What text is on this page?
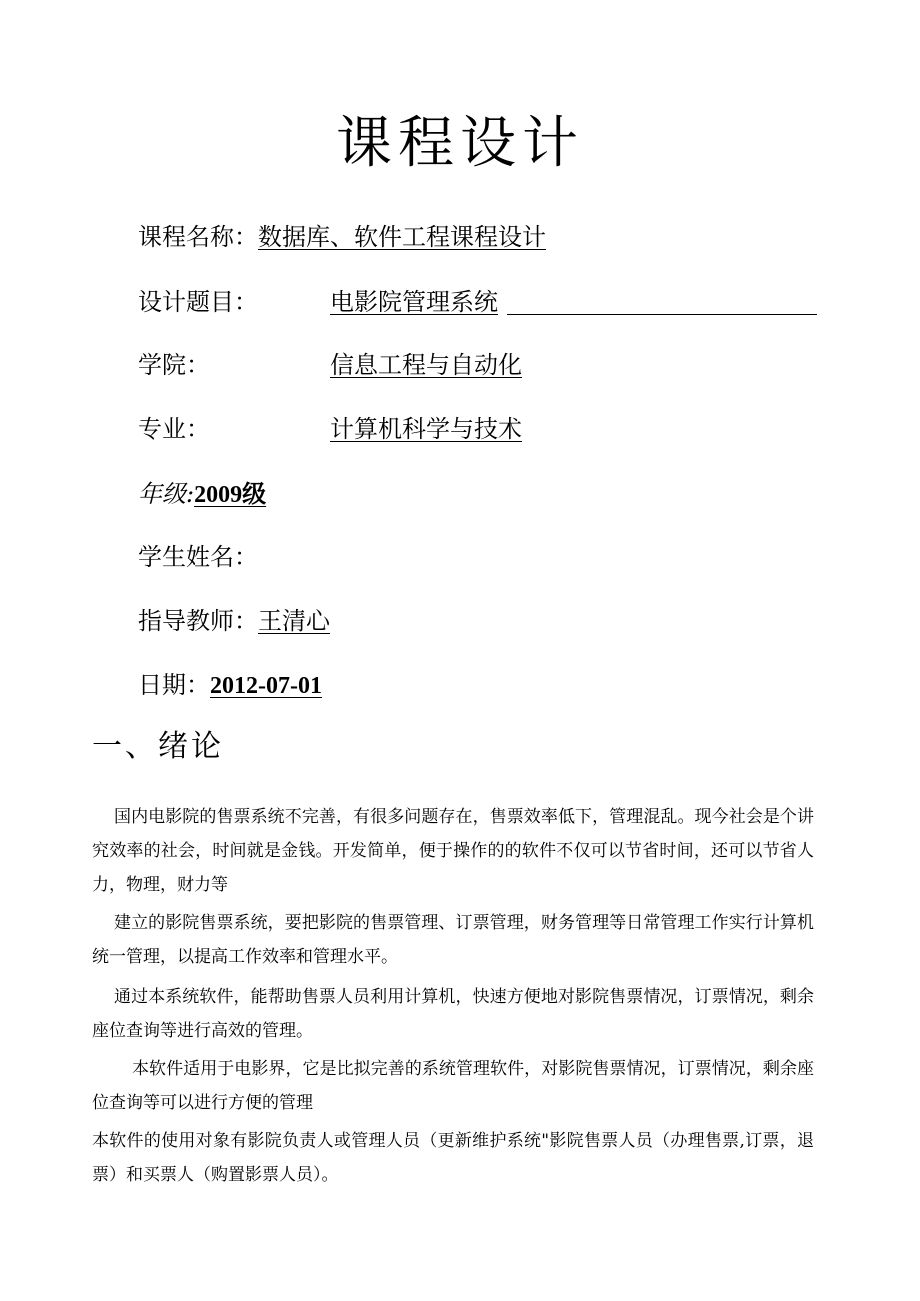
课程设计
课程名称：数据库、软件工程课程设计
设计题目：	电影院管理系统
学院：	信息工程与自动化
专业：	计算机科学与技术
年级:2009级
学生姓名：
指导教师：王清心
日期：2012-07-01
一、绪论
国内电影院的售票系统不完善，有很多问题存在，售票效率低下，管理混乱。现今社会是个讲究效率的社会，时间就是金钱。开发简单，便于操作的的软件不仅可以节省时间，还可以节省人力，物理，财力等
建立的影院售票系统，要把影院的售票管理、订票管理，财务管理等日常管理工作实行计算机统一管理，以提高工作效率和管理水平。
通过本系统软件，能帮助售票人员利用计算机，快速方便地对影院售票情况，订票情况，剩余座位查询等进行高效的管理。
本软件适用于电影界，它是比拟完善的系统管理软件，对影院售票情况，订票情况，剩余座位查询等可以进行方便的管理
本软件的使用对象有影院负责人或管理人员（更新维护系统"影院售票人员（办理售票,订票，退票）和买票人（购置影票人员）。
